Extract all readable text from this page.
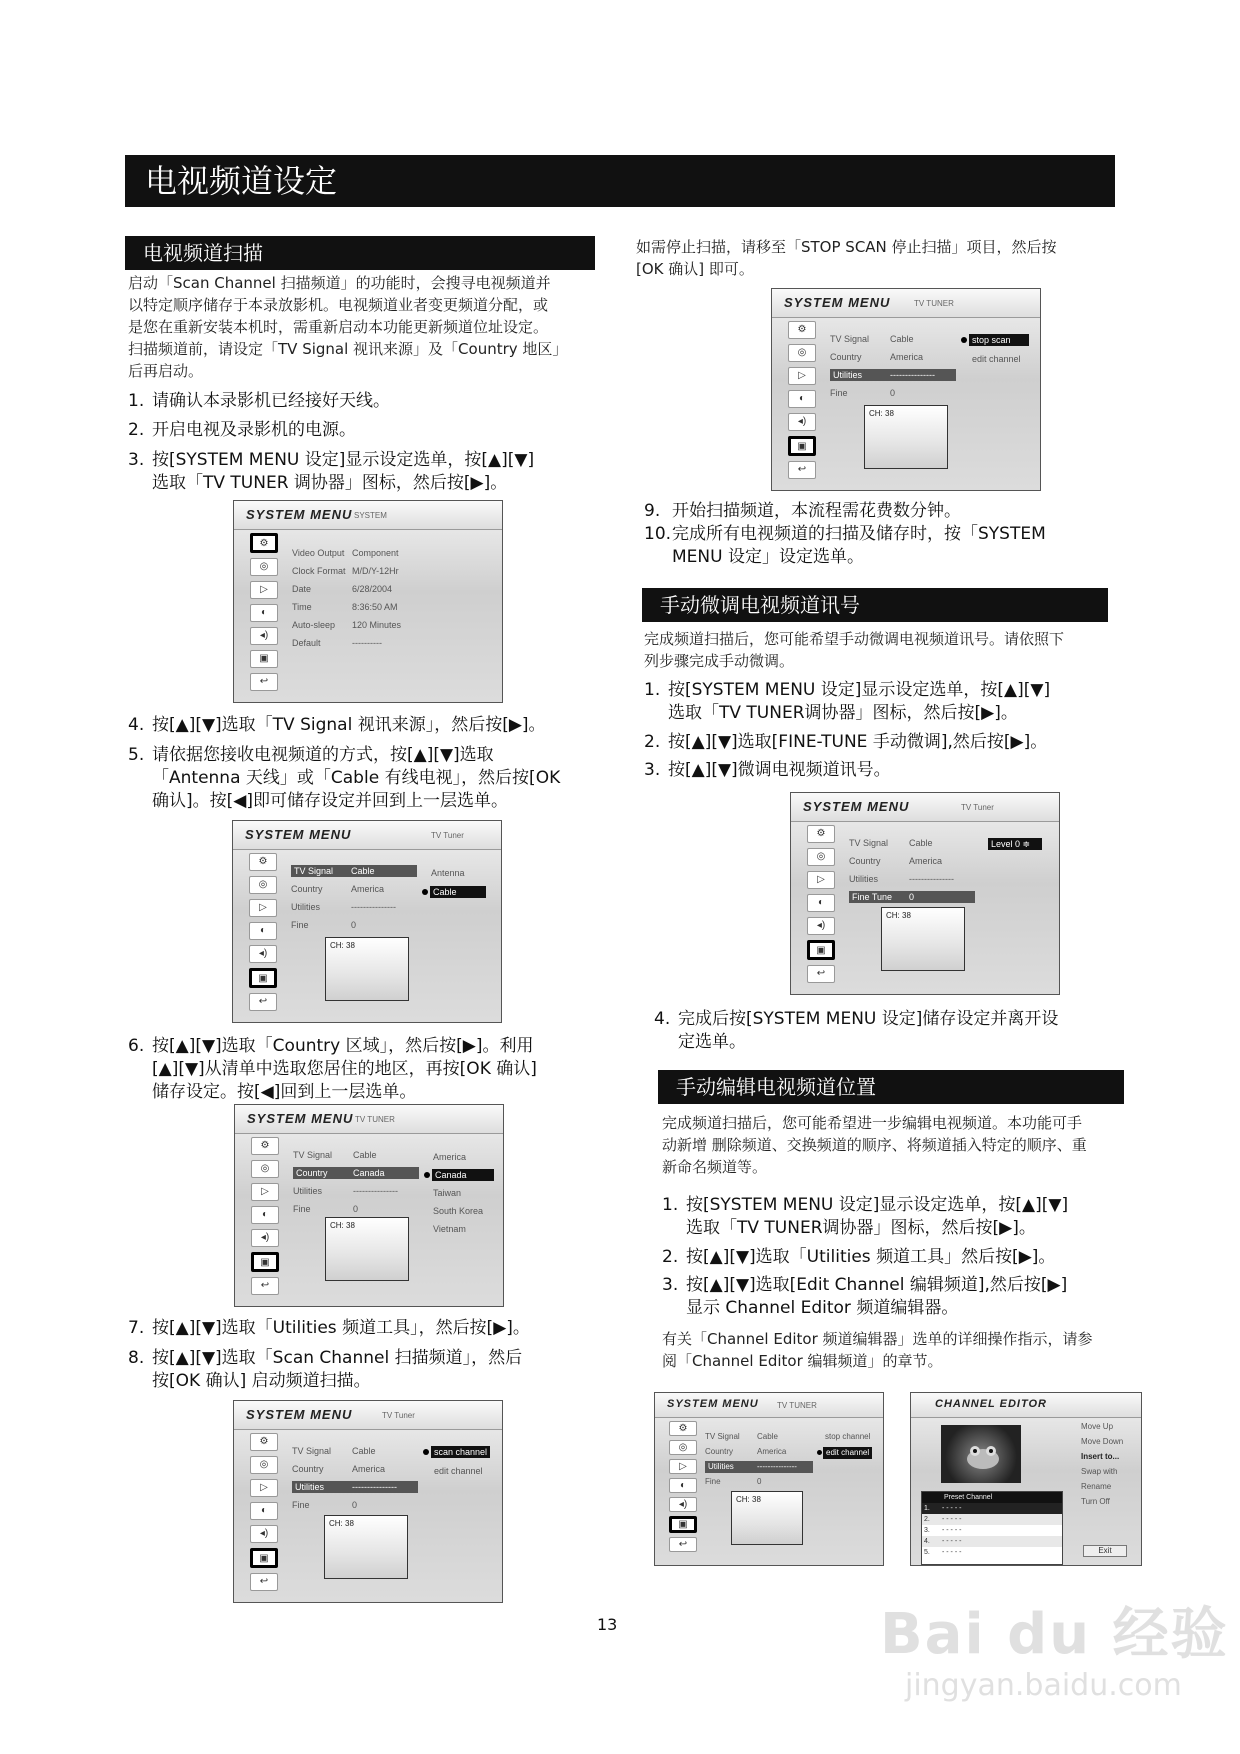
电视频道设定
电视频道扫描
启动「Scan Channel 扫描频道」的功能时，会搜寻电视频道并
以特定顺序储存于本录放影机。电视频道业者变更频道分配，或
是您在重新安装本机时，需重新启动本功能更新频道位址设定。
扫描频道前，请设定「TV Signal 视讯来源」及「Country 地区」
后再启动。
1. 请确认本录影机已经接好天线。
2. 开启电视及录影机的电源。
3. 按[SYSTEM MENU 设定]显示设定选单，按[▲][▼]
选取「TV TUNER 调协器」图标，然后按[▶]。
SYSTEM MENU SYSTEM
⚙
◎
▷
◐
◂)
▣
↩
Video Output Component
Clock Format M/D/Y-12Hr
Date	6/28/2004
Time	8:36:50 AM
Auto-sleep 120 Minutes
Default	----------
4. 按[▲][▼]选取「TV Signal 视讯来源」，然后按[▶]。
5. 请依据您接收电视频道的方式，按[▲][▼]选取
「Antenna 天线」或「Cable 有线电视」，然后按[OK
确认]。按[◀]即可储存设定并回到上一层选单。
SYSTEM MENU	TV Tuner
⚙
◎
▷
◐
◂)
▣
↩
TV Signal Cable
Country	America
Utilities	---------------
Fine	0
Antenna
Cable
CH: 38
6. 按[▲][▼]选取「Country 区域」，然后按[▶]。利用
[▲][▼]从清单中选取您居住的地区，再按[OK 确认]
储存设定。按[◀]回到上一层选单。
SYSTEM MENU TV TUNER
⚙
◎
▷
◐
◂)
▣
↩
TV Signal Cable
Country	Canada
Utilities	---------------
Fine	0
America
Canada
Taiwan
South Korea
Vietnam
CH: 38
7. 按[▲][▼]选取「Utilities 频道工具」，然后按[▶]。
8. 按[▲][▼]选取「Scan Channel 扫描频道」，然后
按[OK 确认] 启动频道扫描。
SYSTEM MENU	TV Tuner
⚙
◎
▷
◐
◂)
▣
↩
TV Signal Cable
Country	America
Utilities	---------------
Fine	0
scan channel
edit channel
CH: 38
如需停止扫描，请移至「STOP SCAN 停止扫描」项目，然后按
[OK 确认] 即可。
SYSTEM MENU	TV TUNER
⚙
◎
▷
◐
◂)
▣
↩
TV Signal Cable
Country	America
Utilities	---------------
Fine	0
stop scan
edit channel
CH: 38
9. 开始扫描频道，本流程需花费数分钟。
10.完成所有电视频道的扫描及储存时，按「SYSTEM
MENU 设定」设定选单。
手动微调电视频道讯号
完成频道扫描后，您可能希望手动微调电视频道讯号。请依照下
列步骤完成手动微调。
1. 按[SYSTEM MENU 设定]显示设定选单，按[▲][▼]
选取「TV TUNER调协器」图标，然后按[▶]。
2. 按[▲][▼]选取[FINE-TUNE 手动微调],然后按[▶]。
3. 按[▲][▼]微调电视频道讯号。
SYSTEM MENU	TV Tuner
⚙
◎
▷
◐
◂)
▣
↩
TV Signal Cable
Country	America
Utilities	---------------
Fine Tune 0
Level 0 ≑
CH: 38
4. 完成后按[SYSTEM MENU 设定]储存设定并离开设
定选单。
手动编辑电视频道位置
完成频道扫描后，您可能希望进一步编辑电视频道。本功能可手
动新增 删除频道、交换频道的顺序、将频道插入特定的顺序、重
新命名频道等。
1. 按[SYSTEM MENU 设定]显示设定选单，按[▲][▼]
选取「TV TUNER调协器」图标，然后按[▶]。
2. 按[▲][▼]选取「Utilities 频道工具」然后按[▶]。
3. 按[▲][▼]选取[Edit Channel 编辑频道],然后按[▶]
显示 Channel Editor 频道编辑器。
有关「Channel Editor 频道编辑器」选单的详细操作指示，请参
阅「Channel Editor 编辑频道」的章节。
SYSTEM MENU TV TUNER
⚙
◎
▷
◐
◂)
▣
↩
TV Signal Cable
Country	America
Utilities	---------------
Fine	0
stop channel
edit channel
CH: 38
CHANNEL EDITOR
Move Up
Move Down
Insert to...
Swap with
Rename
Turn Off
Exit
Preset Channel
1. - - - - -
2. - - - - -
3. - - - - -
4. - - - - -
5. - - - - -
13	Bai du 经验
jingyan.baidu.com
